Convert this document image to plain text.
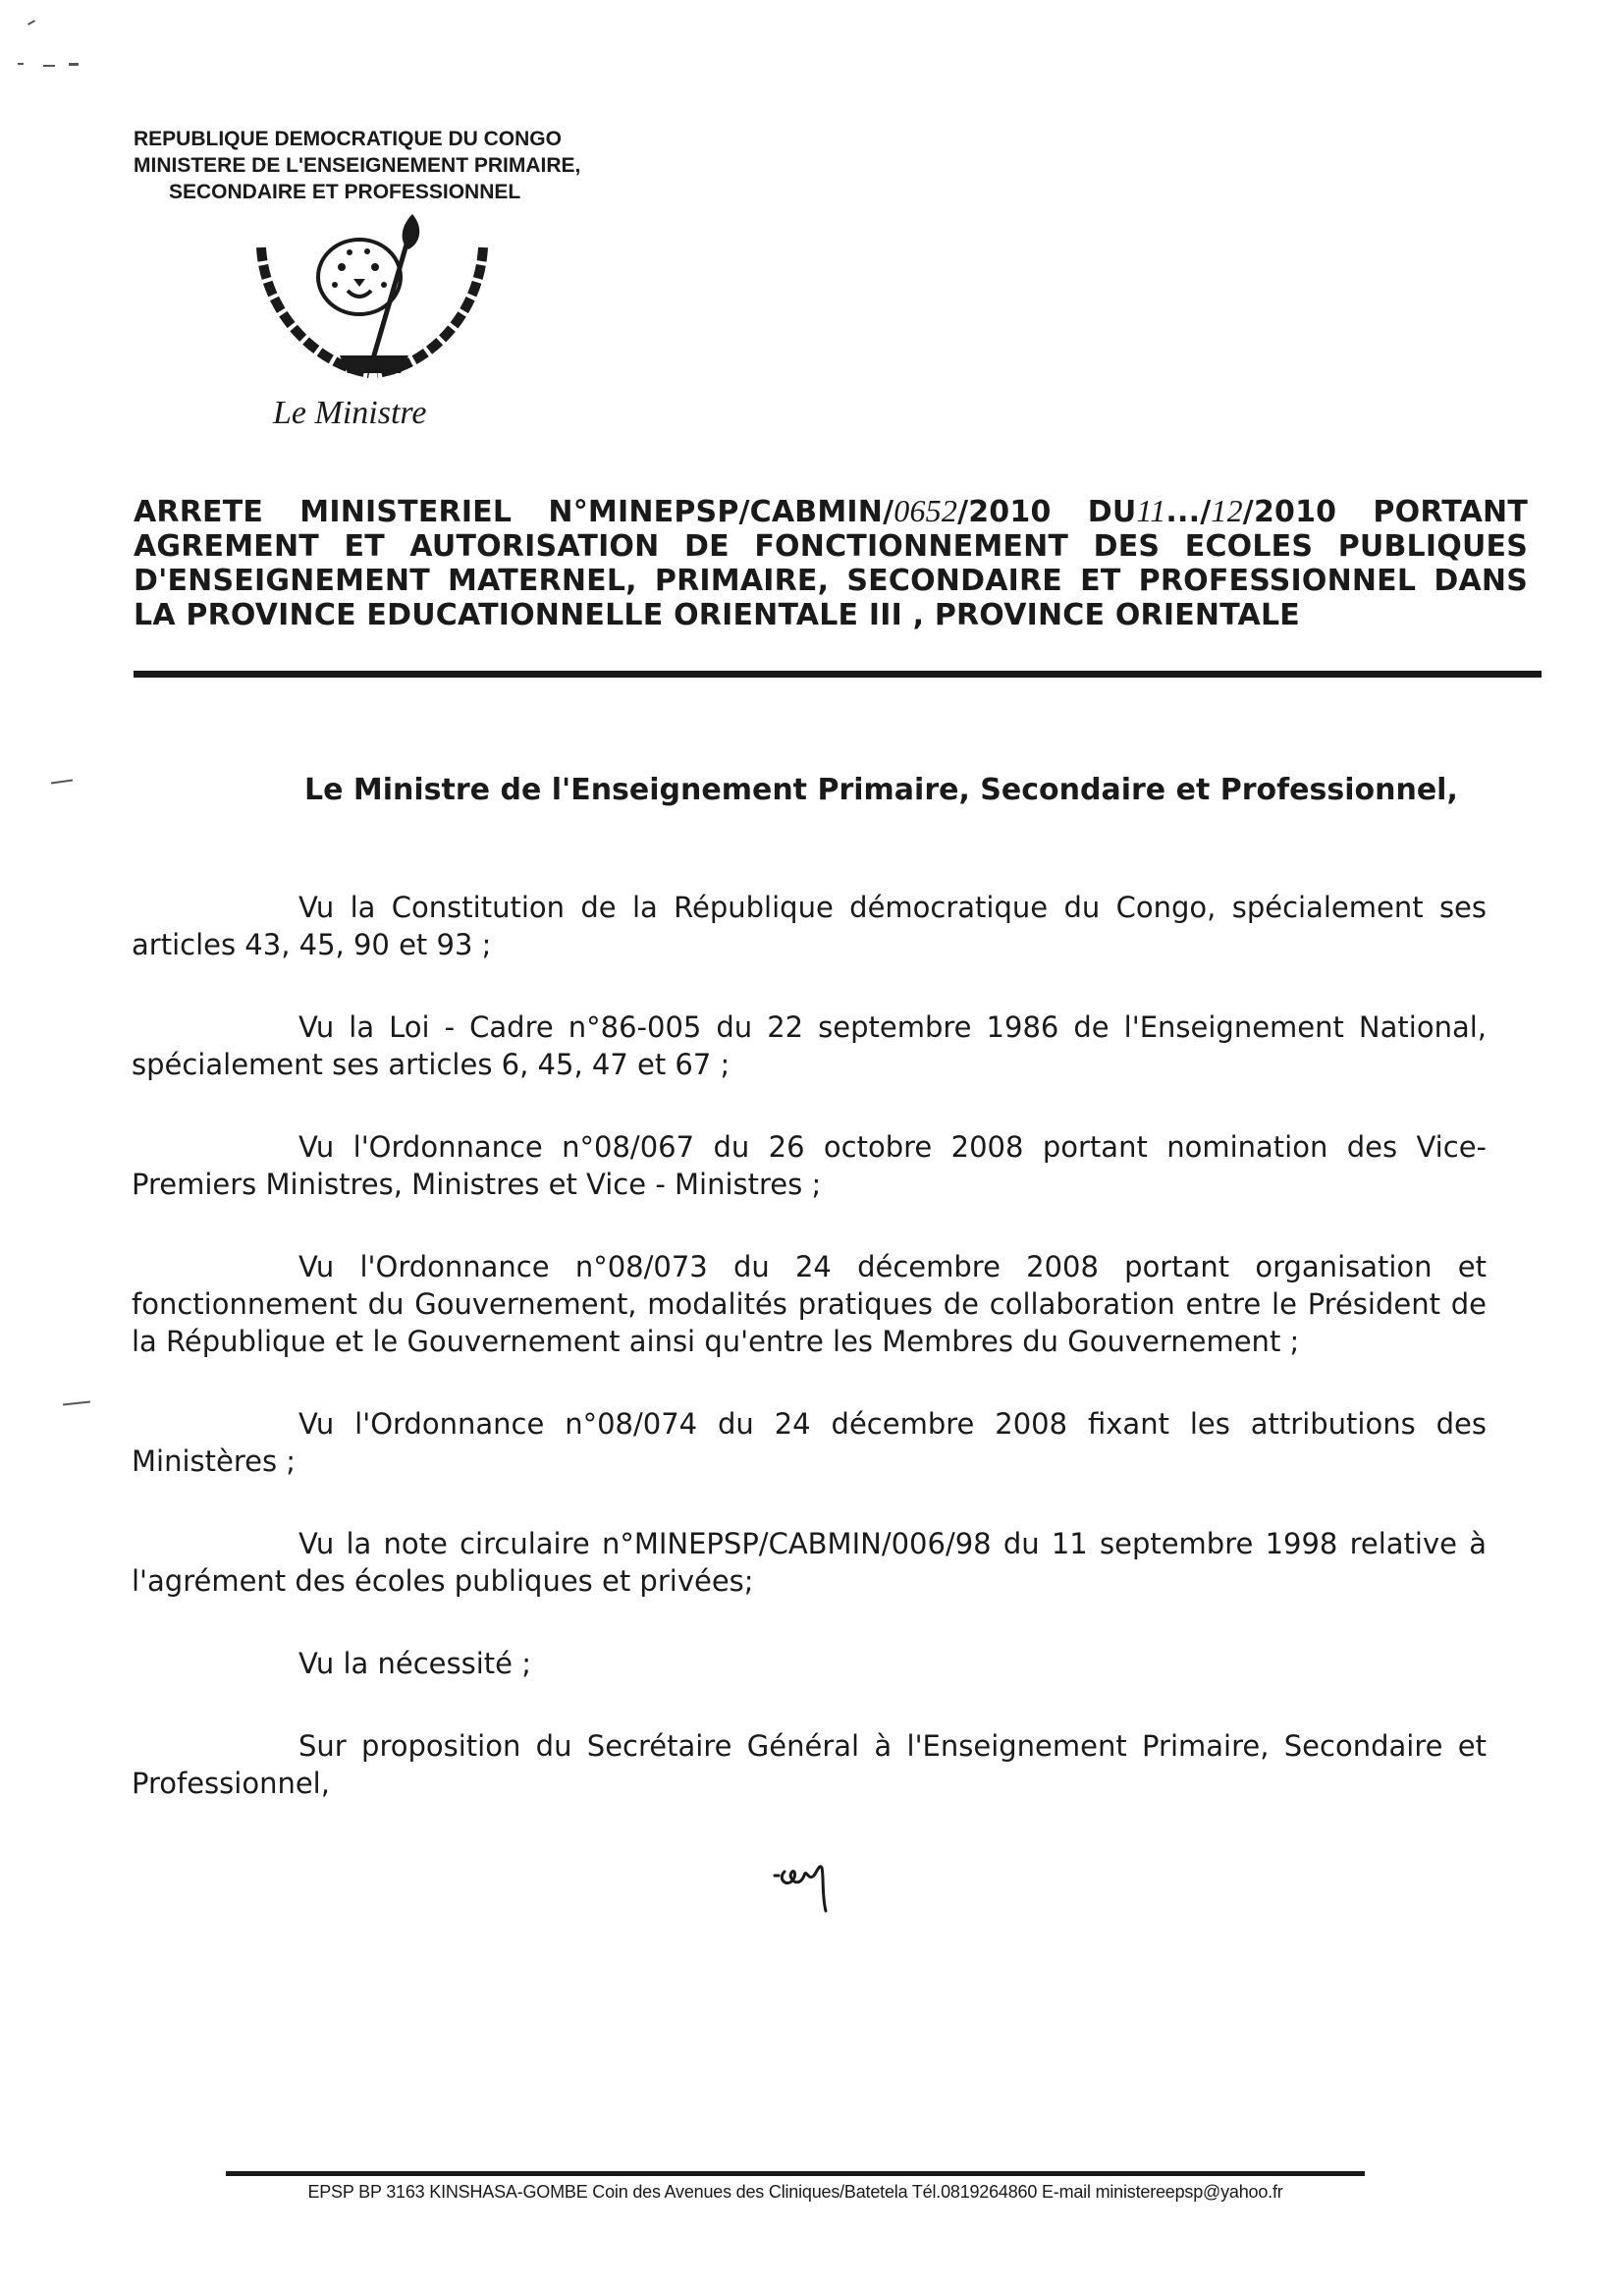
REPUBLIQUE DEMOCRATIQUE DU CONGO
MINISTERE DE L'ENSEIGNEMENT PRIMAIRE,
SECONDAIRE ET PROFESSIONNEL
Le Ministre
ARRETE MINISTERIEL N°MINEPSP/CABMIN/0652/2010 DU11.../12/2010 PORTANT AGREMENT ET AUTORISATION DE FONCTIONNEMENT DES ECOLES PUBLIQUES D'ENSEIGNEMENT MATERNEL, PRIMAIRE, SECONDAIRE ET PROFESSIONNEL DANS LA PROVINCE EDUCATIONNELLE ORIENTALE III , PROVINCE ORIENTALE
Le Ministre de l'Enseignement Primaire, Secondaire et Professionnel,

Vu la Constitution de la République démocratique du Congo, spécialement ses articles 43, 45, 90 et 93 ;

Vu la Loi - Cadre n°86-005 du 22 septembre 1986 de l'Enseignement National, spécialement ses articles 6, 45, 47 et 67 ;

Vu l'Ordonnance n°08/067 du 26 octobre 2008 portant nomination des Vice-Premiers Ministres, Ministres et Vice - Ministres ;

Vu l'Ordonnance n°08/073 du 24 décembre 2008 portant organisation et fonctionnement du Gouvernement, modalités pratiques de collaboration entre le Président de la République et le Gouvernement ainsi qu'entre les Membres du Gouvernement ;

Vu l'Ordonnance n°08/074 du 24 décembre 2008 fixant les attributions des Ministères ;

Vu la note circulaire n°MINEPSP/CABMIN/006/98 du 11 septembre 1998 relative à l'agrément des écoles publiques et privées;

Vu la nécessité ;

Sur proposition du Secrétaire Général à l'Enseignement Primaire, Secondaire et Professionnel,

EPSP BP 3163 KINSHASA-GOMBE Coin des Avenues des Cliniques/Batetela Tél.0819264860 E-mail ministereepsp@yahoo.fr
